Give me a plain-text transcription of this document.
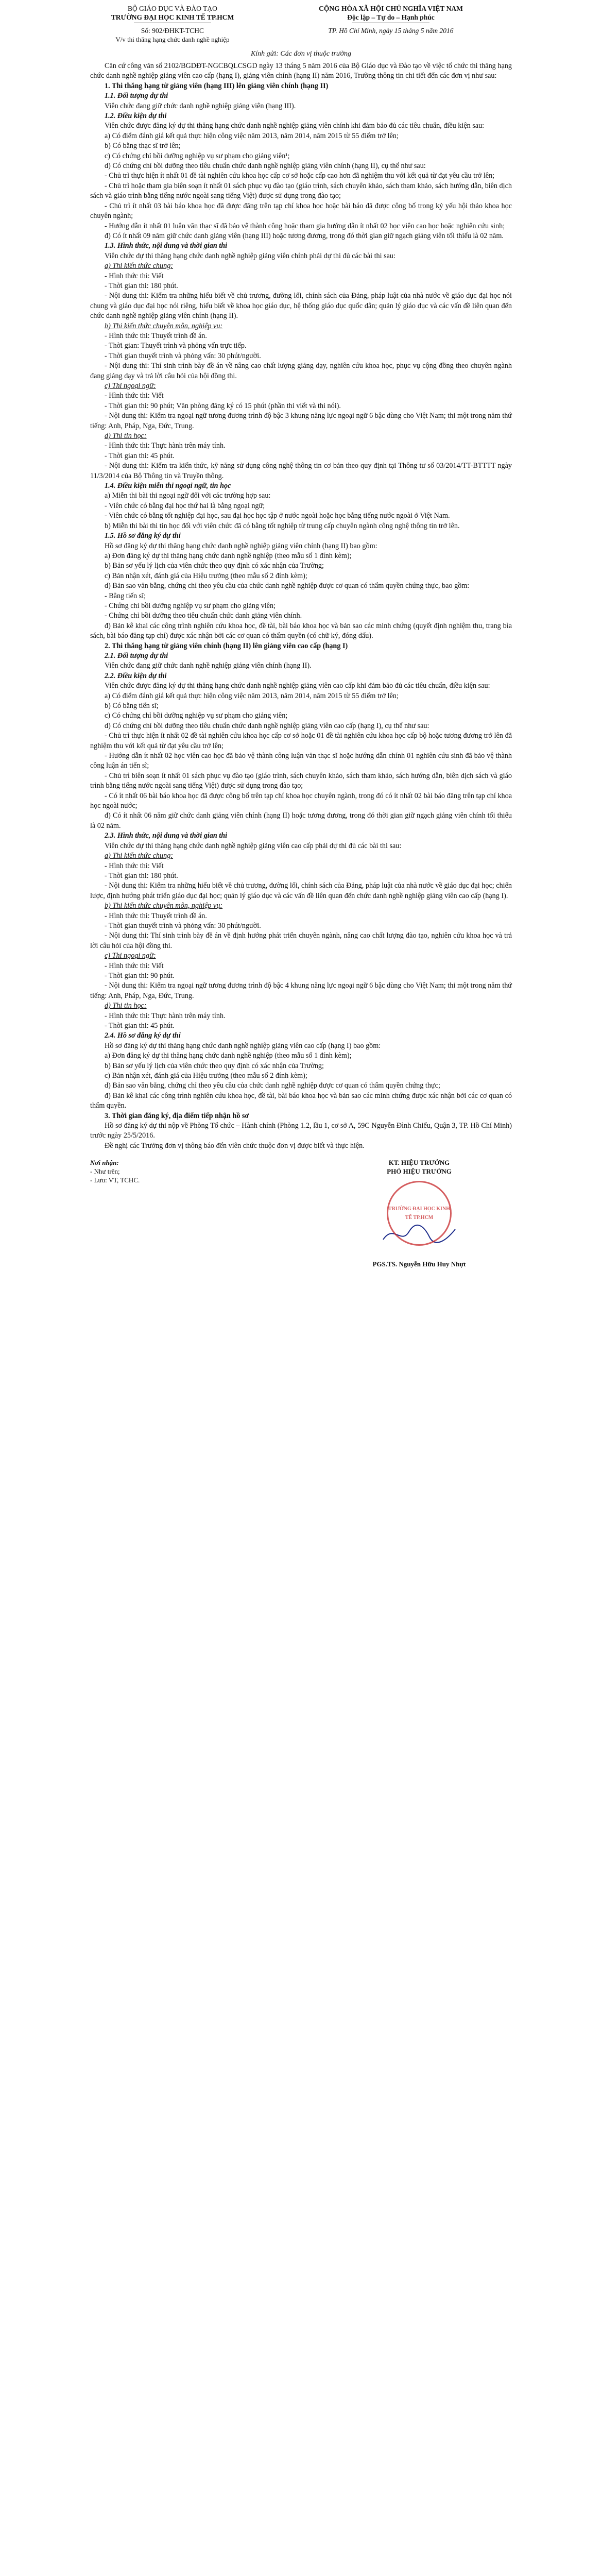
BỘ GIÁO DỤC VÀ ĐÀO TẠO
TRƯỜNG ĐẠI HỌC KINH TẾ TP.HCM
Số: 902/ĐHKT-TCHC
V/v thi thăng hạng chức danh nghề nghiệp
CỘNG HÒA XÃ HỘI CHỦ NGHĨA VIỆT NAM
Độc lập – Tự do – Hạnh phúc
TP. Hồ Chí Minh, ngày 15 tháng 5 năm 2016
Kính gửi: Các đơn vị thuộc trường

Căn cứ công văn số 2102/BGDĐT-NGCBQLCSGD ngày 13 tháng 5 năm 2016 của Bộ Giáo dục và Đào tạo về việc tổ chức thi thăng hạng chức danh nghề nghiệp giảng viên cao cấp (hạng I), giảng viên chính (hạng II) năm 2016, Trường thông tin chi tiết đến các đơn vị như sau:

1. Thi thăng hạng từ giảng viên (hạng III) lên giảng viên chính (hạng II)

1.1. Đối tượng dự thi

Viên chức đang giữ chức danh nghề nghiệp giảng viên (hạng III).

1.2. Điều kiện dự thi

Viên chức được đăng ký dự thi thăng hạng chức danh nghề nghiệp giảng viên chính khi đảm bảo đủ các tiêu chuẩn, điều kiện sau:

a) Có điểm đánh giá kết quả thực hiện công việc năm 2013, năm 2014, năm 2015 từ 55 điểm trở lên;

b) Có bằng thạc sĩ trở lên;

c) Có chứng chỉ bồi dưỡng nghiệp vụ sư phạm cho giảng viên¹;

d) Có chứng chỉ bồi dưỡng theo tiêu chuẩn chức danh nghề nghiệp giảng viên chính (hạng II), cụ thể như sau:

- Chủ trì thực hiện ít nhất 01 đề tài nghiên cứu khoa học cấp cơ sở hoặc cấp cao hơn đã nghiệm thu với kết quả từ đạt yêu cầu trở lên;

- Chủ trì hoặc tham gia biên soạn ít nhất 01 sách phục vụ đào tạo (giáo trình, sách chuyên khảo, sách tham khảo, sách hướng dẫn, biên dịch sách và giáo trình bằng tiếng nước ngoài sang tiếng Việt) được sử dụng trong đào tạo;

- Chủ trì ít nhất 03 bài báo khoa học đã được đăng trên tạp chí khoa học hoặc bài báo đã được công bố trong kỷ yếu hội thảo khoa học chuyên ngành;

- Hướng dẫn ít nhất 01 luận văn thạc sĩ đã bảo vệ thành công hoặc tham gia hướng dẫn ít nhất 02 học viên cao học hoặc nghiên cứu sinh;

đ) Có ít nhất 09 năm giữ chức danh giảng viên (hạng III) hoặc tương đương, trong đó thời gian giữ ngạch giảng viên tối thiểu là 02 năm.

1.3. Hình thức, nội dung và thời gian thi

Viên chức dự thi thăng hạng chức danh nghề nghiệp giảng viên chính phải dự thi đủ các bài thi sau:

a) Thi kiến thức chung:

- Hình thức thi: Viết

- Thời gian thi: 180 phút.

- Nội dung thi: Kiểm tra những hiểu biết về chủ trương, đường lối, chính sách của Đảng, pháp luật của nhà nước về giáo dục đại học nói chung và giáo dục đại học nói riêng, hiểu biết về khoa học giáo dục, hệ thống giáo dục quốc dân; quản lý giáo dục và các vấn đề liên quan đến chức danh nghề nghiệp giảng viên chính (hạng II).

b) Thi kiến thức chuyên môn, nghiệp vụ:

- Hình thức thi: Thuyết trình đề án.

- Thời gian: Thuyết trình và phỏng vấn trực tiếp.

- Thời gian thuyết trình và phỏng vấn: 30 phút/người.

- Nội dung thi: Thí sinh trình bày đề án về nâng cao chất lượng giảng dạy, nghiên cứu khoa học, phục vụ cộng đồng theo chuyên ngành đang giảng dạy và trả lời câu hỏi của hội đồng thi.

c) Thi ngoại ngữ:

- Hình thức thi: Viết

- Thời gian thi: 90 phút; Văn phòng đăng ký có 15 phút (phần thi viết và thi nói).

- Nội dung thi: Kiểm tra ngoại ngữ tương đương trình độ bậc 3 khung năng lực ngoại ngữ 6 bậc dùng cho Việt Nam; thi một trong năm thứ tiếng: Anh, Pháp, Nga, Đức, Trung.

d) Thi tin học:

- Hình thức thi: Thực hành trên máy tính.

- Thời gian thi: 45 phút.

- Nội dung thi: Kiểm tra kiến thức, kỹ năng sử dụng công nghệ thông tin cơ bản theo quy định tại Thông tư số 03/2014/TT-BTTTT ngày 11/3/2014 của Bộ Thông tin và Truyền thông.

1.4. Điều kiện miễn thi ngoại ngữ, tin học

a) Miễn thi bài thi ngoại ngữ đối với các trường hợp sau:

- Viên chức có bằng đại học thứ hai là bằng ngoại ngữ;

- Viên chức có bằng tốt nghiệp đại học, sau đại học học tập ở nước ngoài hoặc học bằng tiếng nước ngoài ở Việt Nam.

b) Miễn thi bài thi tin học đối với viên chức đã có bằng tốt nghiệp từ trung cấp chuyên ngành công nghệ thông tin trở lên.

1.5. Hồ sơ đăng ký dự thi

Hồ sơ đăng ký dự thi thăng hạng chức danh nghề nghiệp giảng viên chính (hạng II) bao gồm:

a) Đơn đăng ký dự thi thăng hạng chức danh nghề nghiệp (theo mẫu số 1 đính kèm);

b) Bản sơ yếu lý lịch của viên chức theo quy định có xác nhận của Trường;

c) Bản nhận xét, đánh giá của Hiệu trưởng (theo mẫu số 2 đính kèm);

d) Bản sao văn bằng, chứng chỉ theo yêu cầu của chức danh nghề nghiệp được cơ quan có thẩm quyền chứng thực, bao gồm:

- Bằng tiến sĩ;

- Chứng chỉ bồi dưỡng nghiệp vụ sư phạm cho giảng viên;

- Chứng chỉ bồi dưỡng theo tiêu chuẩn chức danh giảng viên chính.

đ) Bản kê khai các công trình nghiên cứu khoa học, đề tài, bài báo khoa học và bản sao các minh chứng (quyết định nghiệm thu, trang bìa sách, bài báo đăng tạp chí) được xác nhận bởi các cơ quan có thẩm quyền (có chữ ký, đóng dấu).

2. Thi thăng hạng từ giảng viên chính (hạng II) lên giảng viên cao cấp (hạng I)

2.1. Đối tượng dự thi

Viên chức đang giữ chức danh nghề nghiệp giảng viên chính (hạng II).

2.2. Điều kiện dự thi

Viên chức được đăng ký dự thi thăng hạng chức danh nghề nghiệp giảng viên cao cấp khi đảm bảo đủ các tiêu chuẩn, điều kiện sau:

a) Có điểm đánh giá kết quả thực hiện công việc năm 2013, năm 2014, năm 2015 từ 55 điểm trở lên;

b) Có bằng tiến sĩ;

c) Có chứng chỉ bồi dưỡng nghiệp vụ sư phạm cho giảng viên;

d) Có chứng chỉ bồi dưỡng theo tiêu chuẩn chức danh nghề nghiệp giảng viên cao cấp (hạng I), cụ thể như sau:

- Chủ trì thực hiện ít nhất 02 đề tài nghiên cứu khoa học cấp cơ sở hoặc 01 đề tài nghiên cứu khoa học cấp bộ hoặc tương đương trở lên đã nghiệm thu với kết quả từ đạt yêu cầu trở lên;

- Hướng dẫn ít nhất 02 học viên cao học đã bảo vệ thành công luận văn thạc sĩ hoặc hướng dẫn chính 01 nghiên cứu sinh đã bảo vệ thành công luận án tiến sĩ;

- Chủ trì biên soạn ít nhất 01 sách phục vụ đào tạo (giáo trình, sách chuyên khảo, sách tham khảo, sách hướng dẫn, biên dịch sách và giáo trình bằng tiếng nước ngoài sang tiếng Việt) được sử dụng trong đào tạo;

- Có ít nhất 06 bài báo khoa học đã được công bố trên tạp chí khoa học chuyên ngành, trong đó có ít nhất 02 bài báo đăng trên tạp chí khoa học ngoài nước;

đ) Có ít nhất 06 năm giữ chức danh giảng viên chính (hạng II) hoặc tương đương, trong đó thời gian giữ ngạch giảng viên chính tối thiểu là 02 năm.

2.3. Hình thức, nội dung và thời gian thi

Viên chức dự thi thăng hạng chức danh nghề nghiệp giảng viên cao cấp phải dự thi đủ các bài thi sau:

a) Thi kiến thức chung:

- Hình thức thi: Viết

- Thời gian thi: 180 phút.

- Nội dung thi: Kiểm tra những hiểu biết về chủ trương, đường lối, chính sách của Đảng, pháp luật của nhà nước về giáo dục đại học; chiến lược, định hướng phát triển giáo dục đại học; quản lý giáo dục và các vấn đề liên quan đến chức danh nghề nghiệp giảng viên cao cấp (hạng I).

b) Thi kiến thức chuyên môn, nghiệp vụ:

- Hình thức thi: Thuyết trình đề án.

- Thời gian thuyết trình và phỏng vấn: 30 phút/người.

- Nội dung thi: Thí sinh trình bày đề án về định hướng phát triển chuyên ngành, nâng cao chất lượng đào tạo, nghiên cứu khoa học và trả lời câu hỏi của hội đồng thi.

c) Thi ngoại ngữ:

- Hình thức thi: Viết

- Thời gian thi: 90 phút.

- Nội dung thi: Kiểm tra ngoại ngữ tương đương trình độ bậc 4 khung năng lực ngoại ngữ 6 bậc dùng cho Việt Nam; thi một trong năm thứ tiếng: Anh, Pháp, Nga, Đức, Trung.

d) Thi tin học:

- Hình thức thi: Thực hành trên máy tính.

- Thời gian thi: 45 phút.

2.4. Hồ sơ đăng ký dự thi

Hồ sơ đăng ký dự thi thăng hạng chức danh nghề nghiệp giảng viên cao cấp (hạng I) bao gồm:

a) Đơn đăng ký dự thi thăng hạng chức danh nghề nghiệp (theo mẫu số 1 đính kèm);

b) Bản sơ yếu lý lịch của viên chức theo quy định có xác nhận của Trường;

c) Bản nhận xét, đánh giá của Hiệu trưởng (theo mẫu số 2 đính kèm);

d) Bản sao văn bằng, chứng chỉ theo yêu cầu của chức danh nghề nghiệp được cơ quan có thẩm quyền chứng thực;

đ) Bản kê khai các công trình nghiên cứu khoa học, đề tài, bài báo khoa học và bản sao các minh chứng được xác nhận bởi các cơ quan có thẩm quyền.

3. Thời gian đăng ký, địa điểm tiếp nhận hồ sơ

Hồ sơ đăng ký dự thi nộp về Phòng Tổ chức – Hành chính (Phòng 1.2, lầu 1, cơ sở A, 59C Nguyễn Đình Chiểu, Quận 3, TP. Hồ Chí Minh) trước ngày 25/5/2016.

Đề nghị các Trưởng đơn vị thông báo đến viên chức thuộc đơn vị được biết và thực hiện.

Nơi nhận:
- Như trên;
- Lưu: VT, TCHC.
KT. HIỆU TRƯỞNG
PHÓ HIỆU TRƯỞNG
TRƯỜNG ĐẠI HỌC KINH TẾ TP.HCM
PGS.TS. Nguyễn Hữu Huy Nhựt
